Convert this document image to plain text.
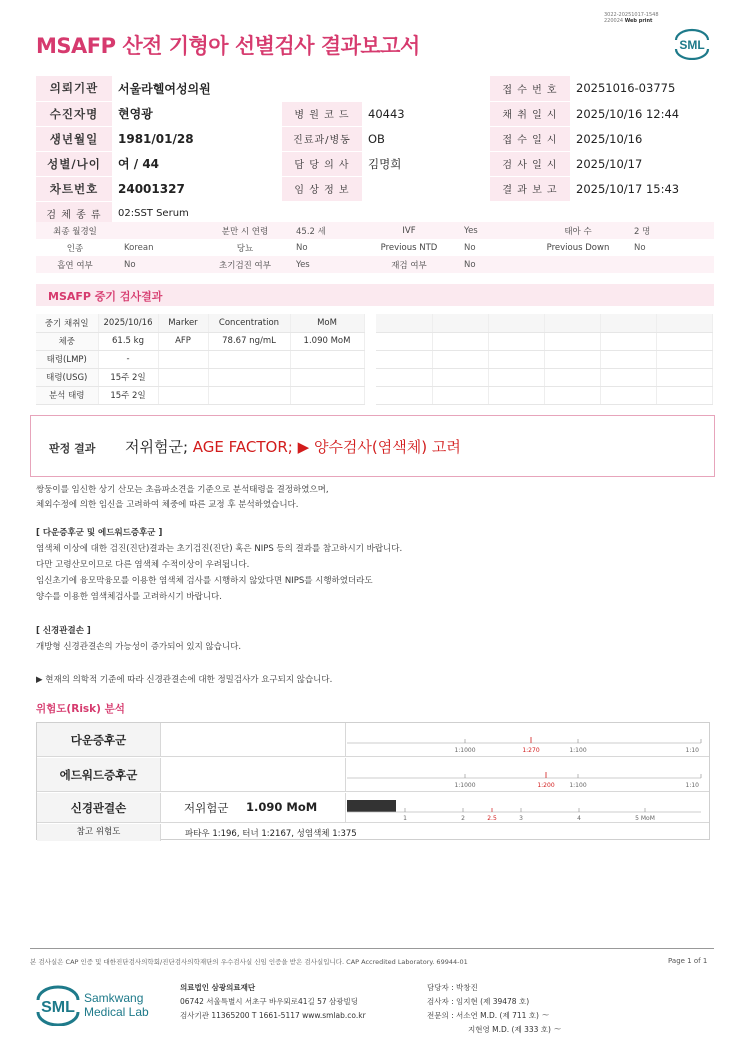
MSAFP 산전 기형아 선별검사 결과보고서
3022-20251017-1548
220024 Web print
SML
의뢰기관	서울라헬여성의원			접 수 번 호	20251016-03775
수진자명	현영광	병 원 코 드	40443	채 취 일 시	2025/10/16 12:44
생년월일	1981/01/28	진료과/병동	OB	접 수 일 시	2025/10/16
성별/나이	여 / 44	담 당 의 사	김명희	검 사 일 시	2025/10/17
차트번호	24001327	임 상 정 보		결 과 보 고	2025/10/17 15:43
검 체 종 류	02:SST Serum				
최종 월경일		분만 시 연령	45.2 세	IVF	Yes	태아 수	2 명
인종	Korean	당뇨	No	Previous NTD	No	Previous Down	No
흡연 여부	No	초기검진 여부	Yes	재검 여부	No		
MSAFP 중기 검사결과
중기 채취일	2025/10/16	Marker	Concentration	MoM
체중	61.5 kg	AFP	78.67 ng/mL	1.090 MoM
태령(LMP)	-			
태령(USG)	15주 2일			
분석 태령	15주 2일			

판정 결과 저위험군; AGE FACTOR; ▶ 양수검사(염색체) 고려
쌍둥이를 임신한 상기 산모는 초음파소견을 기준으로 분석태령을 결정하였으며,
체외수정에 의한 임신을 고려하여 체중에 따른 교정 후 분석하였습니다.
[ 다운증후군 및 에드워드증후군 ]
염색체 이상에 대한 검진(진단)결과는 초기검진(진단) 혹은 NIPS 등의 결과를 참고하시기 바랍니다.
다만 고령산모이므로 다른 염색체 수적이상이 우려됩니다.
임신초기에 융모막융모를 이용한 염색체 검사를 시행하지 않았다면 NIPS를 시행하였더라도
양수를 이용한 염색체검사를 고려하시기 바랍니다.
[ 신경관결손 ]
개방형 신경관결손의 가능성이 증가되어 있지 않습니다.
▶ 현재의 의학적 기준에 따라 신경관결손에 대한 정밀검사가 요구되지 않습니다.
위험도(Risk) 분석
다운증후군
1:1000	1:270	1:100	1:10
에드워드증후군
1:1000	1:200 1:100	1:10
신경관결손	저위험군 1.090 MoM
1	2	2.5	3	4	5 MoM
참고 위험도	파타우 1:196, 터너 1:2167, 성염색체 1:375
본 검사실은 CAP 인증 및 대한진단검사의학회/진단검사의학재단의 우수검사실 신임 인증을 받은 검사실입니다. CAP Accredited Laboratory. 69944-01	Page 1 of 1
SML
Samkwang
Medical Lab
의료법인 삼광의료재단
06742 서울특별시 서초구 바우뫼로41길 57 삼광빌딩
검사기관 11365200 T 1661-5117 www.smlab.co.kr
담당자 : 박창진
검사자 : 임지현 (제 39478 호)
전문의 : 서소연 M.D. (제 711 호) ~
지현영 M.D. (제 333 호) ~
